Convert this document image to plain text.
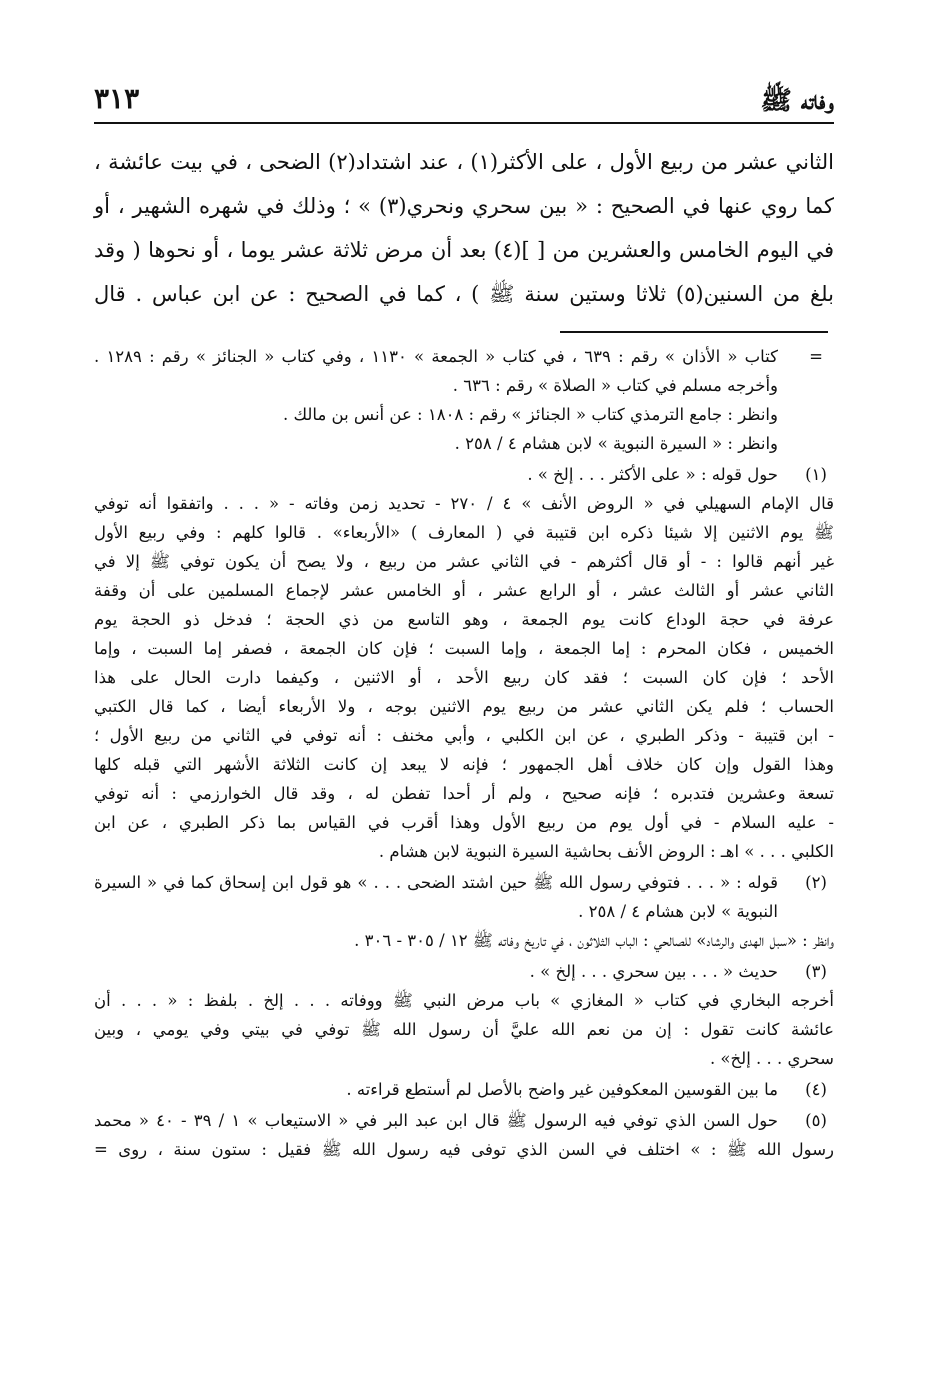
وفاته ﷺ
٣١٣
الثاني عشر من ربيع الأول ، على الأكثر(١) ، عند اشتداد(٢) الضحى ، في بيت عائشة ،
كما روي عنها في الصحيح : « بين سحري ونحري(٣) » ؛ وذلك في شهره الشهير ، أو
في اليوم الخامس والعشرين من [ ](٤) بعد أن مرض ثلاثة عشر يوما ، أو نحوها ( وقد
بلغ من السنين(٥) ثلاثا وستين سنة ﷺ ) ، كما في الصحيح : عن ابن عباس . قال
=
كتاب « الأذان » رقم : ٦٣٩ ، في كتاب « الجمعة » ١١٣٠ ، وفي كتاب « الجنائز » رقم : ١٢٨٩ .
وأخرجه مسلم في كتاب « الصلاة » رقم : ٦٣٦ .
وانظر : جامع الترمذي كتاب « الجنائز » رقم : ١٨٠٨ : عن أنس بن مالك .
وانظر : « السيرة النبوية » لابن هشام ٤ / ٢٥٨ .
(١)
حول قوله : « على الأكثر . . . إلخ » .
قال الإمام السهيلي في « الروض الأنف » ٤ / ٢٧٠ - تحديد زمن وفاته - « . . . واتفقوا أنه توفي
ﷺ يوم الاثنين إلا شيئا ذكره ابن قتيبة في ( المعارف ) «الأربعاء» . قالوا كلهم : وفي ربيع الأول
غير أنهم قالوا : - أو قال أكثرهم - في الثاني عشر من ربيع ، ولا يصح أن يكون توفي ﷺ إلا في
الثاني عشر أو الثالث عشر ، أو الرابع عشر ، أو الخامس عشر لإجماع المسلمين على أن وقفة
عرفة في حجة الوداع كانت يوم الجمعة ، وهو التاسع من ذي الحجة ؛ فدخل ذو الحجة يوم
الخميس ، فكان المحرم : إما الجمعة ، وإما السبت ؛ فإن كان الجمعة ، فصفر إما السبت ، وإما
الأحد ؛ فإن كان السبت ؛ فقد كان ربيع الأحد ، أو الاثنين ، وكيفما دارت الحال على هذا
الحساب ؛ فلم يكن الثاني عشر من ربيع يوم الاثنين بوجه ، ولا الأربعاء أيضا ، كما قال الكتبي
- ابن قتيبة - وذكر الطبري ، عن ابن الكلبي ، وأبي مخنف : أنه توفي في الثاني من ربيع الأول ؛
وهذا القول وإن كان خلاف أهل الجمهور ؛ فإنه لا يبعد إن كانت الثلاثة الأشهر التي قبله كلها
تسعة وعشرين فتدبره ؛ فإنه صحيح ، ولم أر أحدا تفطن له ، وقد قال الخوارزمي : أنه توفي
- عليه السلام - في أول يوم من ربيع الأول وهذا أقرب في القياس بما ذكر الطبري ، عن ابن
الكلبي . . . » اهـ : الروض الأنف بحاشية السيرة النبوية لابن هشام .
(٢)
قوله : « . . . فتوفي رسول الله ﷺ حين اشتد الضحى . . . » هو قول ابن إسحاق كما في « السيرة
النبوية » لابن هشام ٤ / ٢٥٨ .
وانظر : «سبل الهدى والرشاد» للصالحي : الباب الثلاثون ، في تاريخ وفاته ﷺ ١٢ / ٣٠٥ - ٣٠٦ .
(٣)
حديث « . . . بين سحري . . . إلخ » .
أخرجه البخاري في كتاب « المغازي » باب مرض النبي ﷺ ووفاته . . . إلخ . بلفظ : « . . . أن
عائشة كانت تقول : إن من نعم الله عليَّ أن رسول الله ﷺ توفي في بيتي وفي يومي ، وبين
سحري . . . إلخ» .
(٤)
ما بين القوسين المعكوفين غير واضح بالأصل لم أستطع قراءته .
(٥)
حول السن الذي توفي فيه الرسول ﷺ قال ابن عبد البر في « الاستيعاب » ١ / ٣٩ - ٤٠ « محمد
رسول الله ﷺ : » اختلف في السن الذي توفى فيه رسول الله ﷺ فقيل : ستون سنة ، روى =
